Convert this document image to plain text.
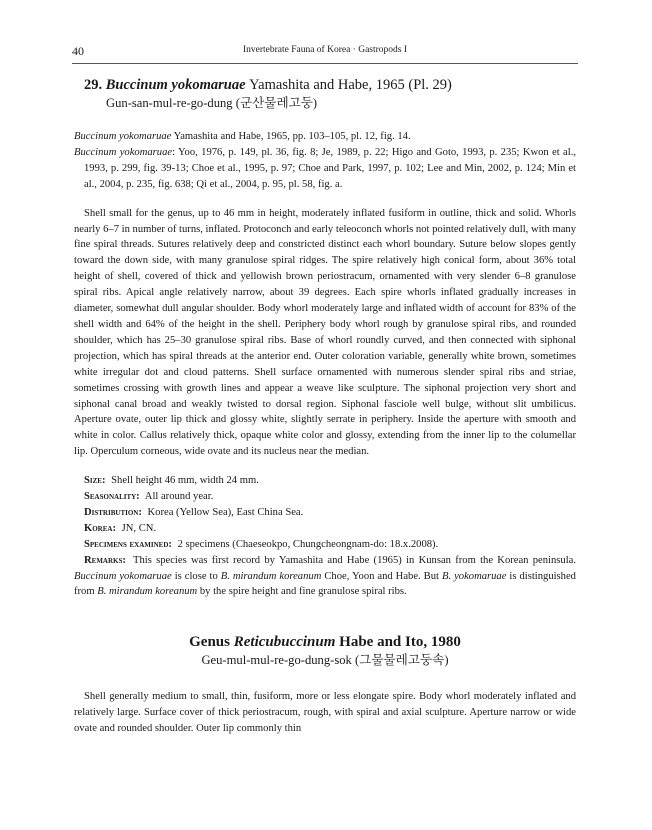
40	Invertebrate Fauna of Korea · Gastropods I
29. Buccinum yokomaruae Yamashita and Habe, 1965 (Pl. 29)
Gun-san-mul-re-go-dung (군산물레고둥)

Buccinum yokomaruae Yamashita and Habe, 1965, pp. 103–105, pl. 12, fig. 14.

Buccinum yokomaruae: Yoo, 1976, p. 149, pl. 36, fig. 8; Je, 1989, p. 22; Higo and Goto, 1993, p. 235; Kwon et al., 1993, p. 299, fig. 39-13; Choe et al., 1995, p. 97; Choe and Park, 1997, p. 102; Lee and Min, 2002, p. 124; Min et al., 2004, p. 235, fig. 638; Qi et al., 2004, p. 95, pl. 58, fig. a.

Shell small for the genus, up to 46 mm in height, moderately inflated fusiform in outline, thick and solid. Whorls nearly 6–7 in number of turns, inflated. Protoconch and early teleoconch whorls not pointed relatively dull, with many fine spiral threads. Sutures relatively deep and constricted distinct each whorl boundary. Suture below slopes gently toward the down side, with many granulose spiral ridges. The spire relatively high conical form, about 36% total height of shell, covered of thick and yellowish brown periostracum, ornamented with very slender 6–8 granulose spiral ribs. Apical angle relatively narrow, about 39 degrees. Each spire whorls inflated gradually increases in diameter, somewhat dull angular shoulder. Body whorl moderately large and inflated width of account for 83% of the shell width and 64% of the height in the shell. Periphery body whorl rough by granulose spiral ribs, and rounded shoulder, which has 25–30 granulose spiral ribs. Base of whorl roundly curved, and then connected with siphonal projection, which has spiral threads at the anterior end. Outer coloration variable, generally white brown, sometimes white irregular dot and cloud patterns. Shell surface ornamented with numerous slender spiral ribs and striae, sometimes crossing with growth lines and appear a weave like sculpture. The siphonal projection very short and siphonal canal broad and weakly twisted to dorsal region. Siphonal fasciole well bulge, without slit umbilicus. Aperture ovate, outer lip thick and glossy white, slightly serrate in periphery. Inside the aperture with smooth and white in color. Callus relatively thick, opaque white color and glossy, extending from the inner lip to the columellar lip. Operculum corneous, wide ovate and its nucleus near the median.

Size: Shell height 46 mm, width 24 mm.

Seasonality: All around year.

Distribution: Korea (Yellow Sea), East China Sea.

Korea: JN, CN.

Specimens examined: 2 specimens (Chaeseokpo, Chungcheongnam-do: 18.x.2008).

Remarks: This species was first record by Yamashita and Habe (1965) in Kunsan from the Korean peninsula. Buccinum yokomaruae is close to B. mirandum koreanum Choe, Yoon and Habe. But B. yokomaruae is distinguished from B. mirandum koreanum by the spire height and fine granulose spiral ribs.

Genus Reticubuccinum Habe and Ito, 1980
Geu-mul-mul-re-go-dung-sok (그물물레고둥속)

Shell generally medium to small, thin, fusiform, more or less elongate spire. Body whorl moderately inflated and relatively large. Surface cover of thick periostracum, rough, with spiral and axial sculpture. Aperture narrow or wide ovate and rounded shoulder. Outer lip commonly thin
